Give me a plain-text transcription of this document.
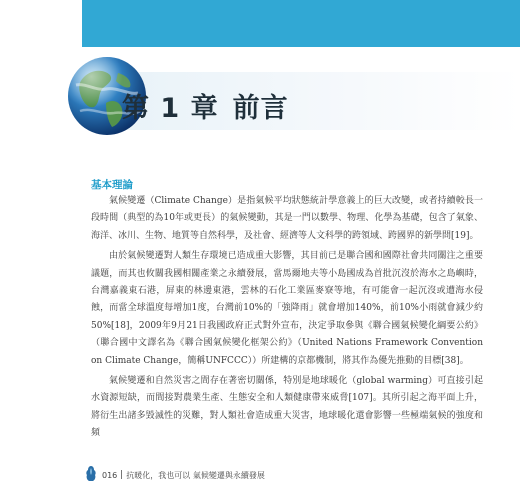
第 1 章 前言
基本理論

氣候變遷（Climate Change）是指氣候平均狀態統計學意義上的巨大改變，或者持續較長一段時間（典型的為10年或更長）的氣候變動，其是一門以數學、物理、化學為基礎，包含了氣象、海洋、冰川、生物、地質等自然科學，及社會、經濟等人文科學的跨領域、跨國界的新學問[19]。

由於氣候變遷對人類生存環境已造成重大影響，其目前已是聯合國和國際社會共同關注之重要議題，而其也攸關我國相關產業之永續發展，當馬爾地夫等小島國成為首批沉沒於海水之島嶼時，台灣嘉義東石港，屏東的林邊東港，雲林的石化工業區麥寮等地，有可能會一起沉沒或遭海水侵蝕，而當全球溫度每增加1度，台灣前10%的「強降雨」就會增加140%，前10%小雨就會減少約50%[18]，2009年9月21日我國政府正式對外宣布，決定爭取參與《聯合國氣候變化綱要公約》（聯合國中文譯名為《聯合國氣候變化框架公約》（United Nations Framework Convention on Climate Change，簡稱UNFCCC））所建構的京都機制，將其作為優先推動的目標[38]。

氣候變遷和自然災害之間存在著密切關係，特別是地球暖化（global warming）可直接引起水資源短缺，而間接對農業生產、生態安全和人類健康帶來威脅[107]。其所引起之海平面上升，將衍生出諸多毀滅性的災難，對人類社會造成重大災害，地球暖化還會影響一些極端氣候的強度和頻

016 抗暖化，我也可以 氣候變遷與永續發展
